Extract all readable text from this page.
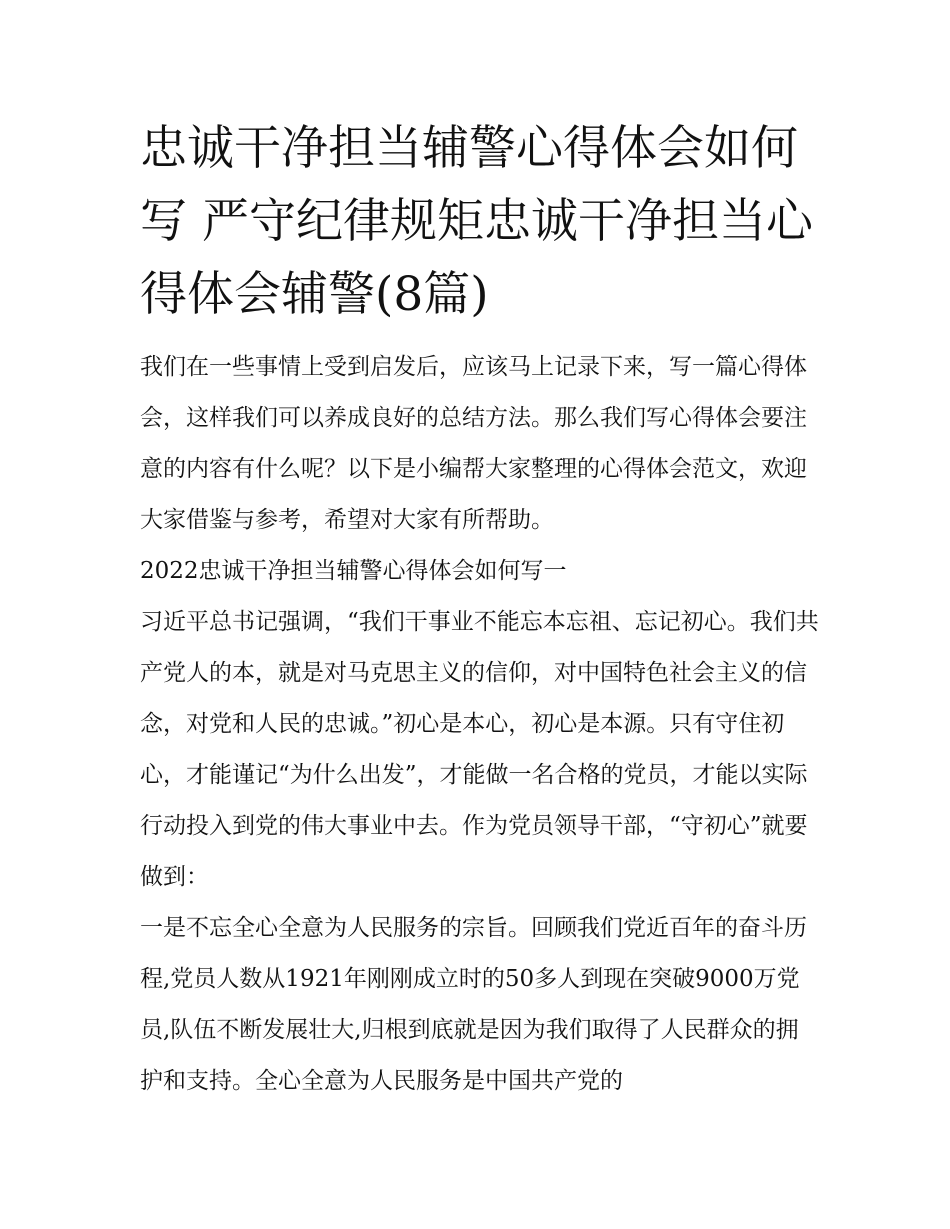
忠诚干净担当辅警心得体会如何写 严守纪律规矩忠诚干净担当心得体会辅警(8篇)

我们在一些事情上受到启发后，应该马上记录下来，写一篇心得体会，这样我们可以养成良好的总结方法。那么我们写心得体会要注意的内容有什么呢？以下是小编帮大家整理的心得体会范文，欢迎大家借鉴与参考，希望对大家有所帮助。

2022忠诚干净担当辅警心得体会如何写一

习近平总书记强调，“我们干事业不能忘本忘祖、忘记初心。我们共产党人的本，就是对马克思主义的信仰，对中国特色社会主义的信念，对党和人民的忠诚。”初心是本心，初心是本源。只有守住初心，才能谨记“为什么出发”，才能做一名合格的党员，才能以实际行动投入到党的伟大事业中去。作为党员领导干部，“守初心”就要做到：

一是不忘全心全意为人民服务的宗旨。回顾我们党近百年的奋斗历程,党员人数从1921年刚刚成立时的50多人到现在突破9000万党员,队伍不断发展壮大,归根到底就是因为我们取得了人民群众的拥护和支持。全心全意为人民服务是中国共产党的
